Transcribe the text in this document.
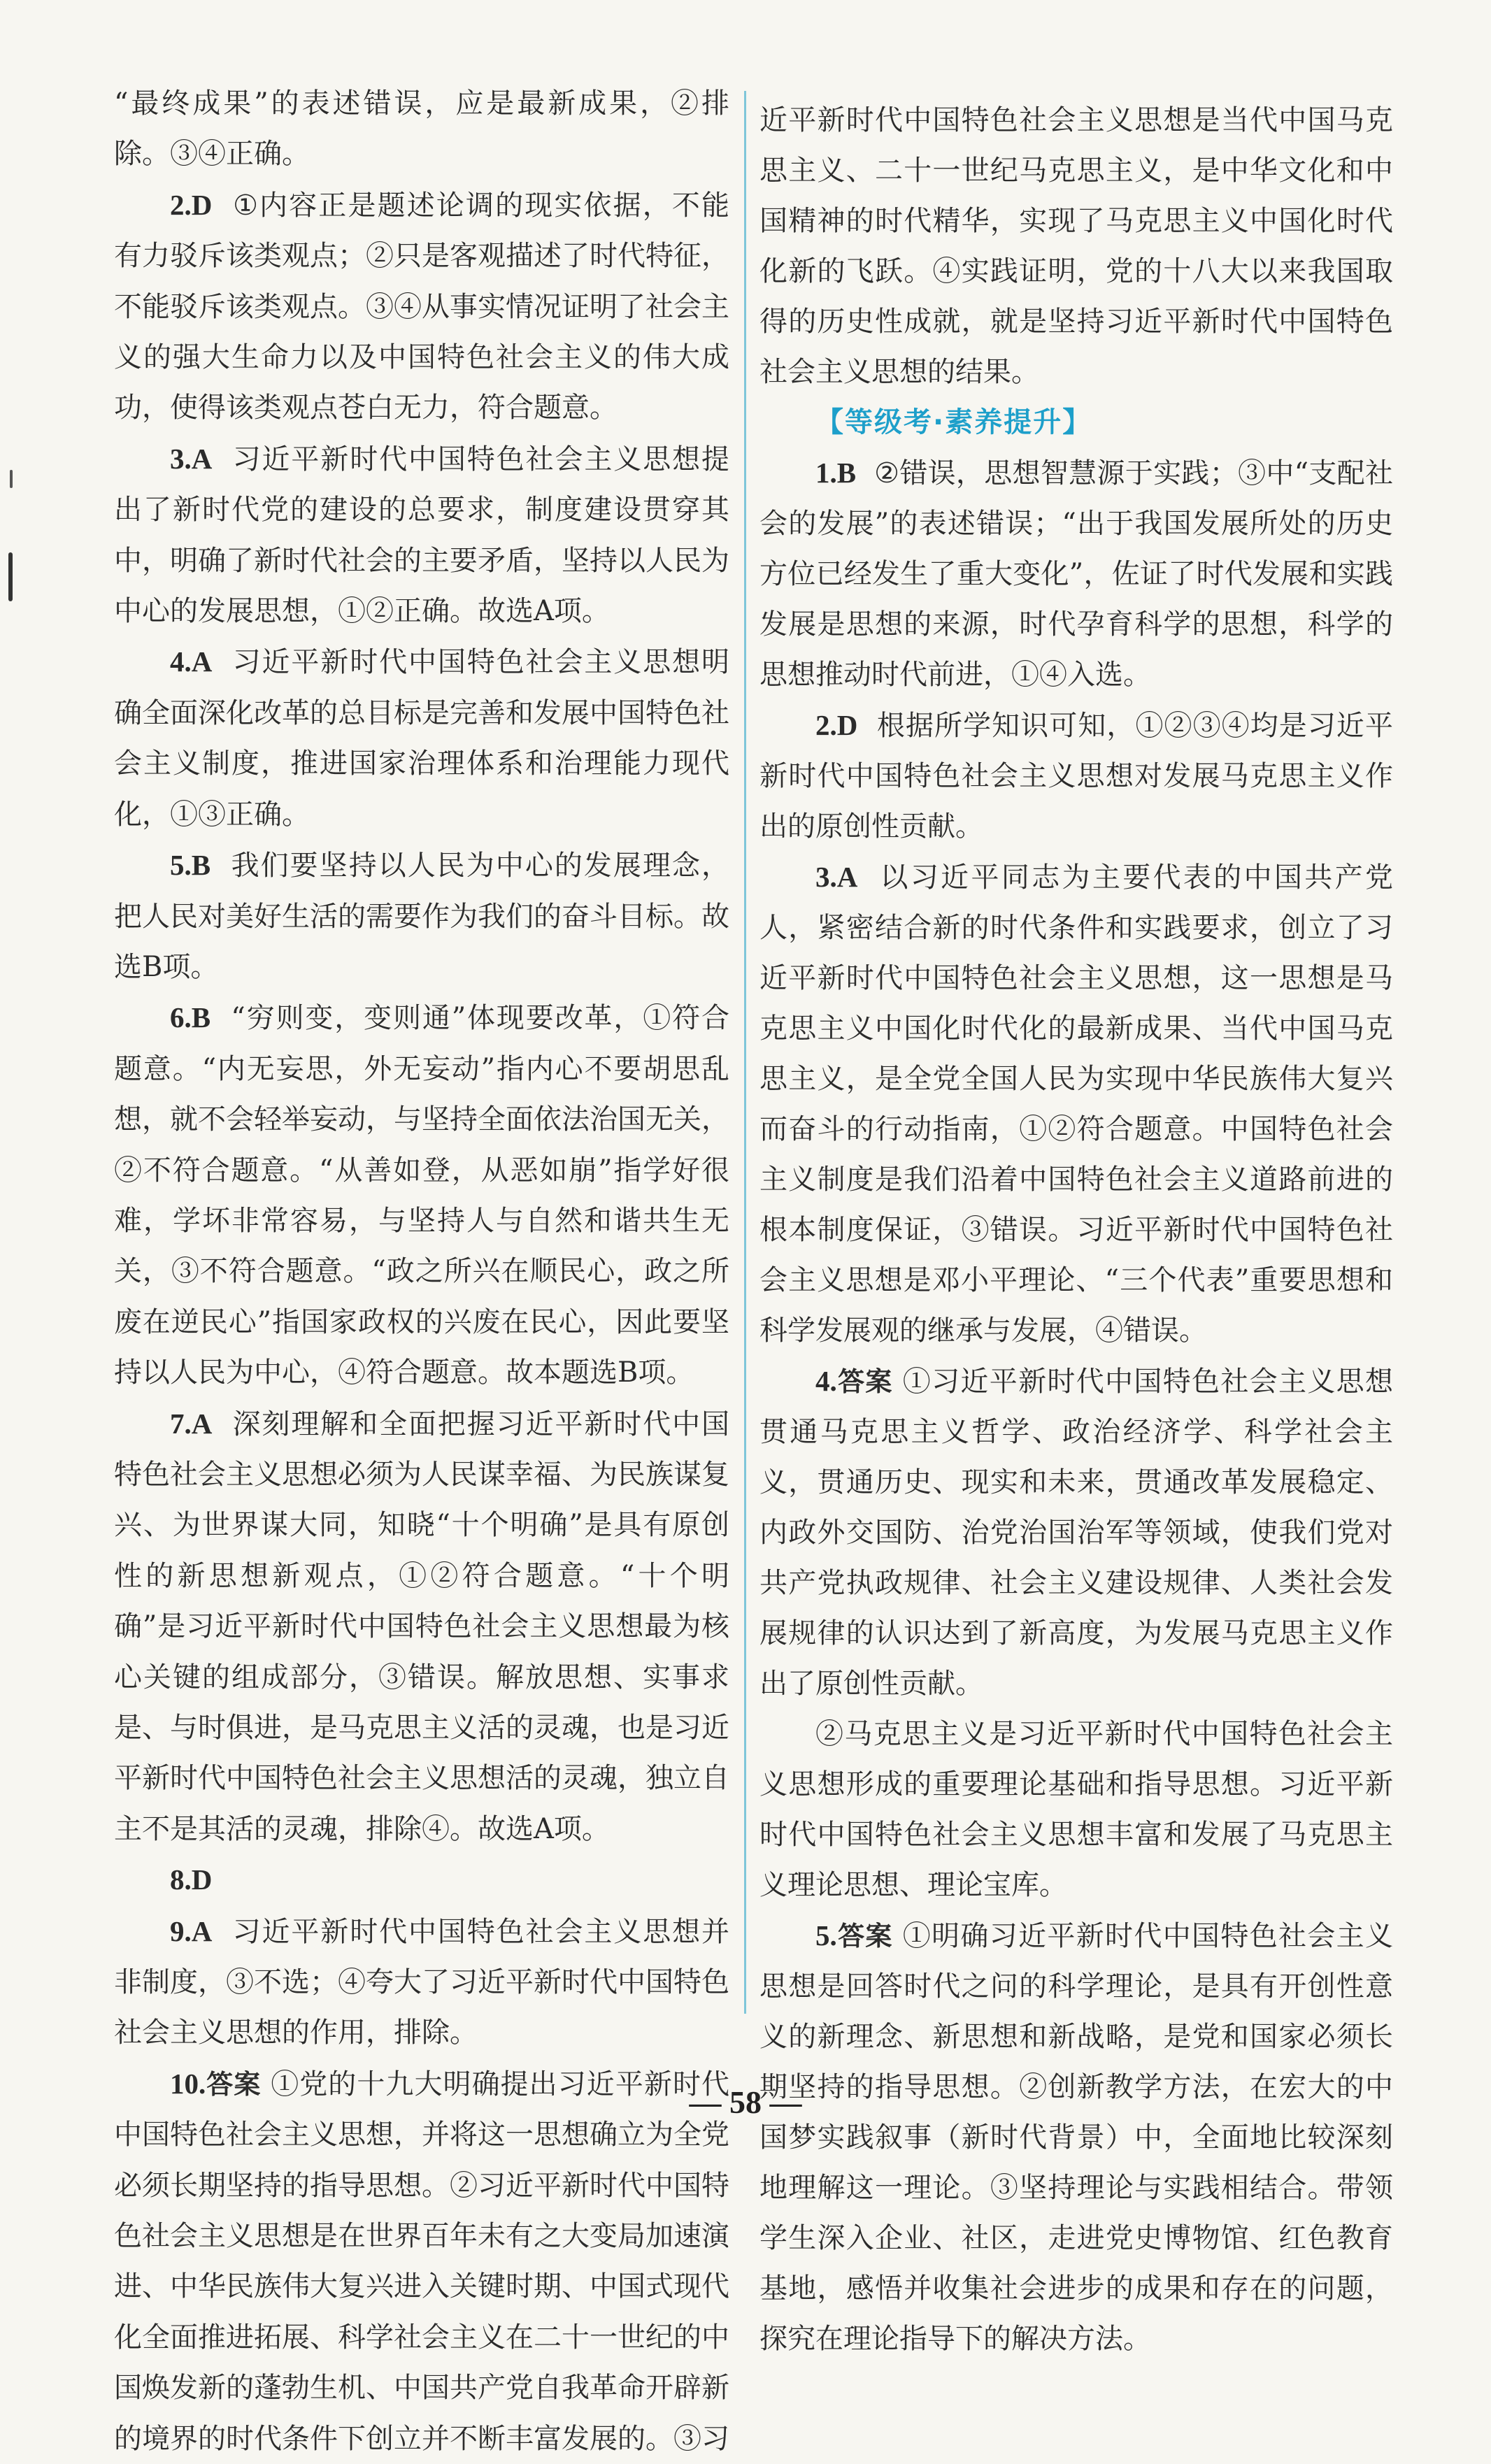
“最终成果”的表述错误，应是最新成果，②排除。③④正确。

2.D ①内容正是题述论调的现实依据，不能有力驳斥该类观点；②只是客观描述了时代特征，不能驳斥该类观点。③④从事实情况证明了社会主义的强大生命力以及中国特色社会主义的伟大成功，使得该类观点苍白无力，符合题意。

3.A 习近平新时代中国特色社会主义思想提出了新时代党的建设的总要求，制度建设贯穿其中，明确了新时代社会的主要矛盾，坚持以人民为中心的发展思想，①②正确。故选A项。

4.A 习近平新时代中国特色社会主义思想明确全面深化改革的总目标是完善和发展中国特色社会主义制度，推进国家治理体系和治理能力现代化，①③正确。

5.B 我们要坚持以人民为中心的发展理念，把人民对美好生活的需要作为我们的奋斗目标。故选B项。

6.B “穷则变，变则通”体现要改革，①符合题意。“内无妄思，外无妄动”指内心不要胡思乱想，就不会轻举妄动，与坚持全面依法治国无关，②不符合题意。“从善如登，从恶如崩”指学好很难，学坏非常容易，与坚持人与自然和谐共生无关，③不符合题意。“政之所兴在顺民心，政之所废在逆民心”指国家政权的兴废在民心，因此要坚持以人民为中心，④符合题意。故本题选B项。

7.A 深刻理解和全面把握习近平新时代中国特色社会主义思想必须为人民谋幸福、为民族谋复兴、为世界谋大同，知晓“十个明确”是具有原创性的新思想新观点，①②符合题意。“十个明确”是习近平新时代中国特色社会主义思想最为核心关键的组成部分，③错误。解放思想、实事求是、与时俱进，是马克思主义活的灵魂，也是习近平新时代中国特色社会主义思想活的灵魂，独立自主不是其活的灵魂，排除④。故选A项。

8.D

9.A 习近平新时代中国特色社会主义思想并非制度，③不选；④夸大了习近平新时代中国特色社会主义思想的作用，排除。

10.答案 ①党的十九大明确提出习近平新时代中国特色社会主义思想，并将这一思想确立为全党必须长期坚持的指导思想。②习近平新时代中国特色社会主义思想是在世界百年未有之大变局加速演进、中华民族伟大复兴进入关键时期、中国式现代化全面推进拓展、科学社会主义在二十一世纪的中国焕发新的蓬勃生机、中国共产党自我革命开辟新的境界的时代条件下创立并不断丰富发展的。③习

近平新时代中国特色社会主义思想是当代中国马克思主义、二十一世纪马克思主义，是中华文化和中国精神的时代精华，实现了马克思主义中国化时代化新的飞跃。④实践证明，党的十八大以来我国取得的历史性成就，就是坚持习近平新时代中国特色社会主义思想的结果。

【等级考·素养提升】

1.B ②错误，思想智慧源于实践；③中“支配社会的发展”的表述错误；“出于我国发展所处的历史方位已经发生了重大变化”，佐证了时代发展和实践发展是思想的来源，时代孕育科学的思想，科学的思想推动时代前进，①④入选。

2.D 根据所学知识可知，①②③④均是习近平新时代中国特色社会主义思想对发展马克思主义作出的原创性贡献。

3.A 以习近平同志为主要代表的中国共产党人，紧密结合新的时代条件和实践要求，创立了习近平新时代中国特色社会主义思想，这一思想是马克思主义中国化时代化的最新成果、当代中国马克思主义，是全党全国人民为实现中华民族伟大复兴而奋斗的行动指南，①②符合题意。中国特色社会主义制度是我们沿着中国特色社会主义道路前进的根本制度保证，③错误。习近平新时代中国特色社会主义思想是邓小平理论、“三个代表”重要思想和科学发展观的继承与发展，④错误。

4.答案 ①习近平新时代中国特色社会主义思想贯通马克思主义哲学、政治经济学、科学社会主义，贯通历史、现实和未来，贯通改革发展稳定、内政外交国防、治党治国治军等领域，使我们党对共产党执政规律、社会主义建设规律、人类社会发展规律的认识达到了新高度，为发展马克思主义作出了原创性贡献。

②马克思主义是习近平新时代中国特色社会主义思想形成的重要理论基础和指导思想。习近平新时代中国特色社会主义思想丰富和发展了马克思主义理论思想、理论宝库。

5.答案 ①明确习近平新时代中国特色社会主义思想是回答时代之问的科学理论，是具有开创性意义的新理念、新思想和新战略，是党和国家必须长期坚持的指导思想。②创新教学方法，在宏大的中国梦实践叙事（新时代背景）中，全面地比较深刻地理解这一理论。③坚持理论与实践相结合。带领学生深入企业、社区，走进党史博物馆、红色教育基地，感悟并收集社会进步的成果和存在的问题，探究在理论指导下的解决方法。

— 58 —
